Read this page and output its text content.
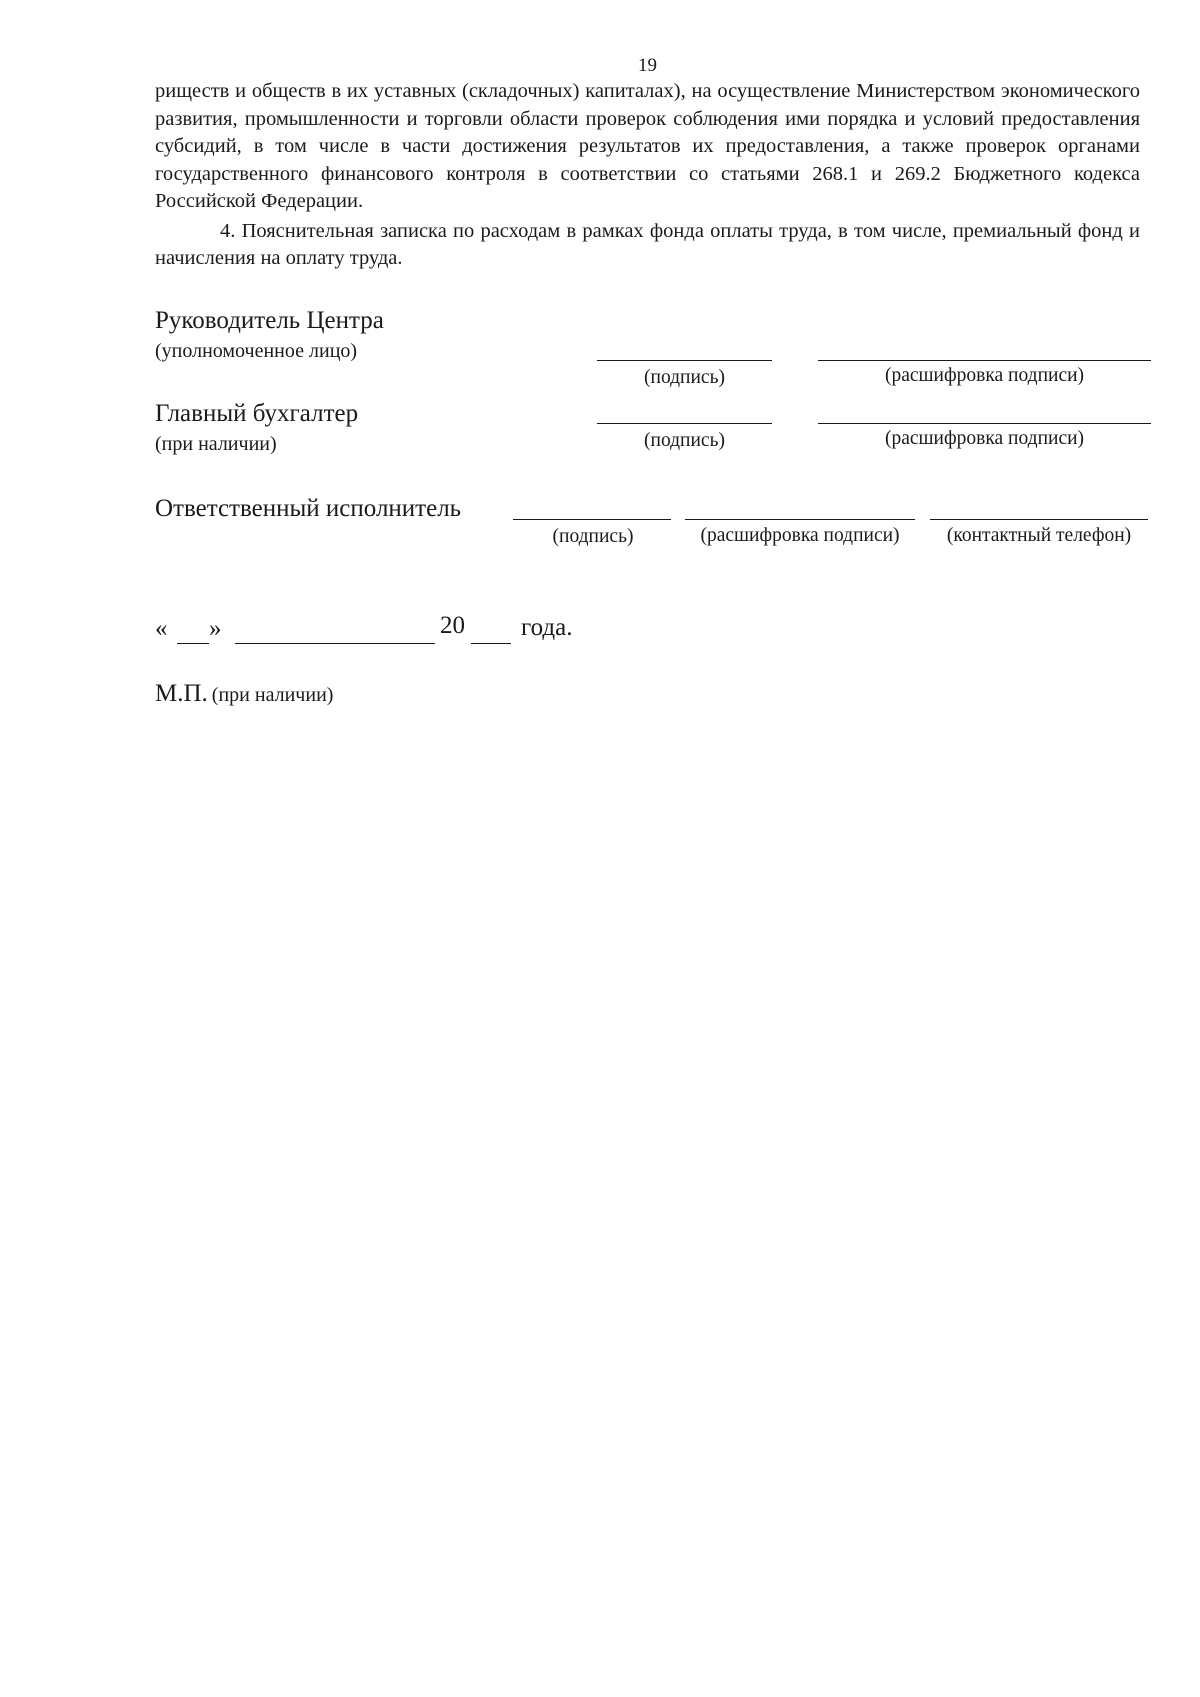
19

риществ и обществ в их уставных (складочных) капиталах), на осуществление Министерством экономического развития, промышленности и торговли области проверок соблюдения ими порядка и условий предоставления субсидий, в том числе в части достижения результатов их предоставления, а также проверок органами государственного финансового контроля в соответствии со статьями 268.1 и 269.2 Бюджетного кодекса Российской Федерации.

4. Пояснительная записка по расходам в рамках фонда оплаты труда, в том числе, премиальный фонд и начисления на оплату труда.

Руководитель Центра
(уполномоченное лицо)
(подпись)	(расшифровка подписи)
Главный бухгалтер
(при наличии)	(подпись)	(расшифровка подписи)
Ответственный исполнитель
(подпись)	(расшифровка подписи)	(контактный телефон)
« »	20 года.
М.П. (при наличии)
